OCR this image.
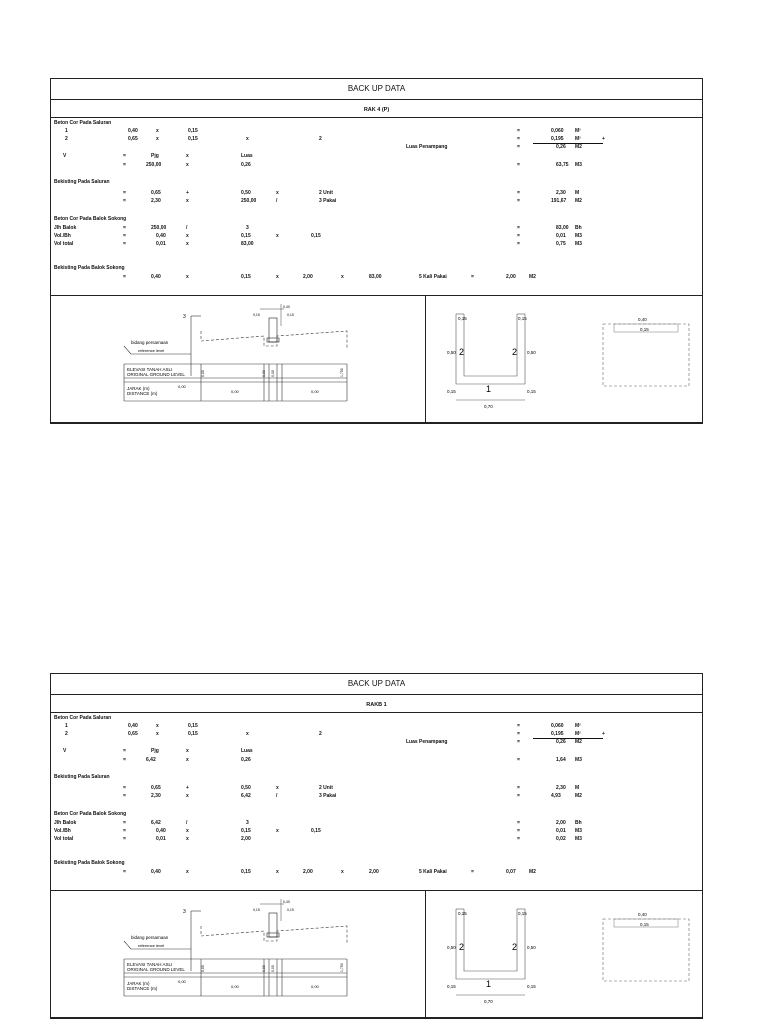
BACK UP DATA
RAK 4 (P)
Beton Cor Pada Saluran
1	0,40	x	0,15	=	0,060 M²
2	0,65	x	0,15	x	2	=	0,195 M²	+
Luas Penampang	=	0,26 M2
V	=	Pjg	x	Luas
=	250,00	x	0,26	=	63,75 M3
Bekisting Pada Saluran
=	0,65	+	0,50	x	2 Unit	=	2,30 M
=	2,30	x	250,00	/	3 Pakai	=	191,67 M2
Beton Cor Pada Balok Sokong
Jlh Balok	=	250,00	/	3	=	83,00 Bh
Vol./Bh	=	0,40	x	0,15	x	0,15	=	0,01 M3
Vol total	=	0,01	x	83,00	=	0,75 M3
Bekisting Pada Balok Sokong
=	0,40	x	0,15	x	2,00	x	83,00	5 Kali Pakai	=	2,00	M2
3
bidang persamaan
reference level
0,00
0,40
0,15	0,15
ELEVASI TANAH ASLI
ORIGINAL GROUND LEVEL
JARAK (m)
DISTANCE (m)
0,00	0,00 0,00	1,750
0,00	0,00
0,15	0,15
0,50	0,50
2	2
1
0,15	0,15
0,70
0,40
0,15
BACK UP DATA
RAKB 1
Beton Cor Pada Saluran
1	0,40	x	0,15	=	0,060 M²
2	0,65	x	0,15	x	2	=	0,195 M²	+
Luas Penampang	=	0,26 M2
V	=	Pjg	x	Luas
=	6,42	x	0,26	=	1,64 M3
Bekisting Pada Saluran
=	0,65	+	0,50	x	2 Unit	=	2,30 M
=	2,30	x	6,42	/	3 Pakai	=	4,93	M2
Beton Cor Pada Balok Sokong
Jlh Balok	=	6,42	/	3	=	2,00 Bh
Vol./Bh	=	0,40	x	0,15	x	0,15	=	0,01 M3
Vol total	=	0,01	x	2,00	=	0,02 M3
Bekisting Pada Balok Sokong
=	0,40	x	0,15	x	2,00	x	2,00	5 Kali Pakai	=	0,07	M2
3
bidang persamaan
reference level
0,00
0,40
0,15	0,15
ELEVASI TANAH ASLI
ORIGINAL GROUND LEVEL
JARAK (m)
DISTANCE (m)
0,00	0,00 0,00	1,750
0,00	0,00
0,15	0,15
0,50	0,50
2	2
1
0,15	0,15
0,70
0,40
0,15
